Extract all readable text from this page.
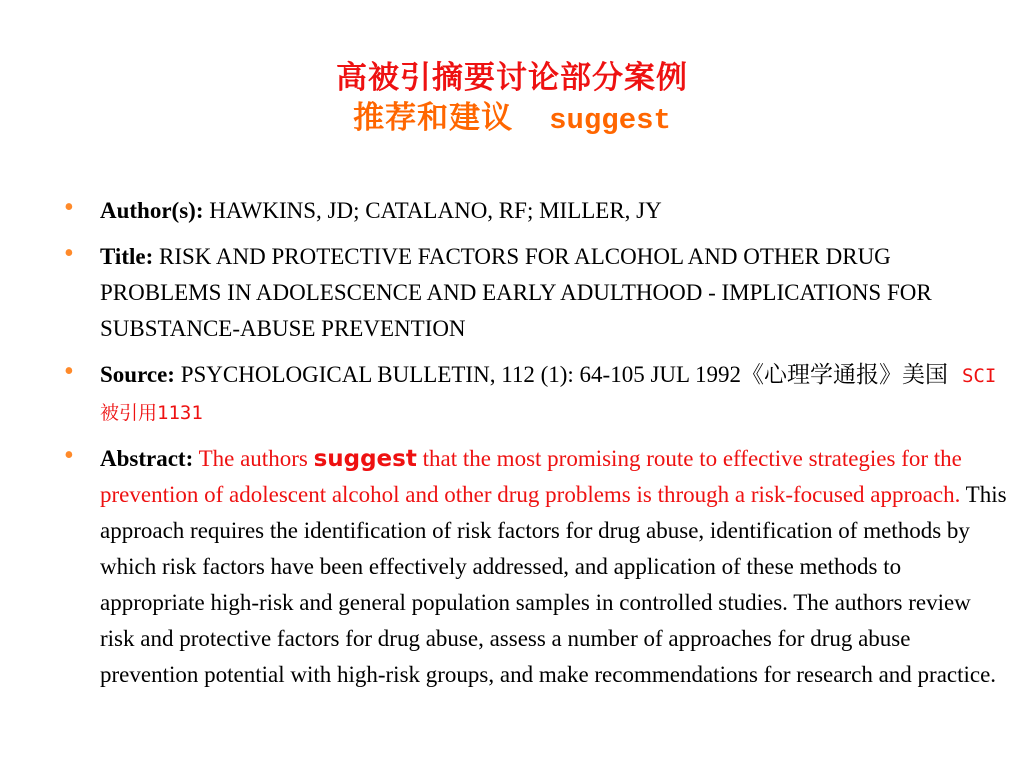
高被引摘要讨论部分案例
推荐和建议 suggest
• Author(s): HAWKINS, JD; CATALANO, RF; MILLER, JY
• Title: RISK AND PROTECTIVE FACTORS FOR ALCOHOL AND OTHER DRUG PROBLEMS IN ADOLESCENCE AND EARLY ADULTHOOD - IMPLICATIONS FOR SUBSTANCE-ABUSE PREVENTION
• Source: PSYCHOLOGICAL BULLETIN, 112 (1): 64-105 JUL 1992《心理学通报》美国 SCI被引用1131
• Abstract: The authors suggest that the most promising route to effective strategies for the prevention of adolescent alcohol and other drug problems is through a risk-focused approach. This approach requires the identification of risk factors for drug abuse, identification of methods by which risk factors have been effectively addressed, and application of these methods to appropriate high-risk and general population samples in controlled studies. The authors review risk and protective factors for drug abuse, assess a number of approaches for drug abuse prevention potential with high-risk groups, and make recommendations for research and practice.
